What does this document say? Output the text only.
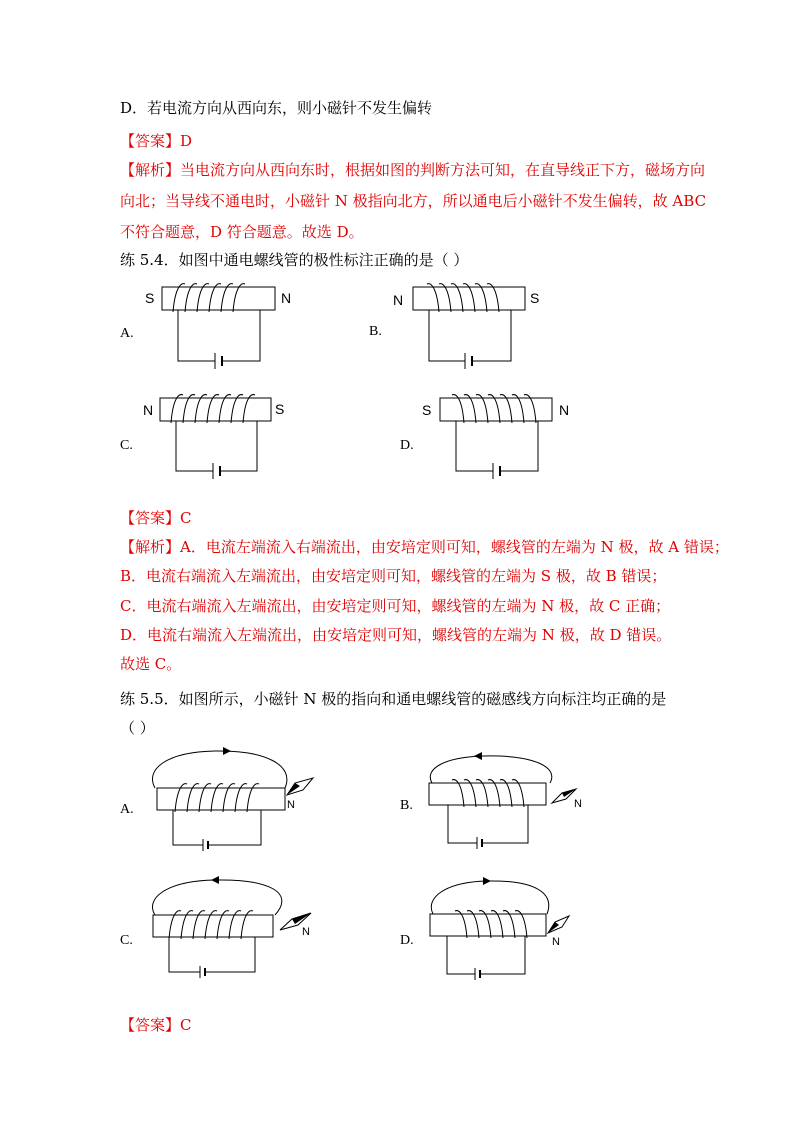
D．若电流方向从西向东，则小磁针不发生偏转
【答案】D
【解析】当电流方向从西向东时，根据如图的判断方法可知，在直导线正下方，磁场方向
向北；当导线不通电时，小磁针 N 极指向北方，所以通电后小磁针不发生偏转，故 ABC
不符合题意，D 符合题意。故选 D。
练 5.4．如图中通电螺线管的极性标注正确的是（ ）
A.
S	N
B.
N	S
C.
N	S
D.
S	N
【答案】C
【解析】A．电流左端流入右端流出，由安培定则可知，螺线管的左端为 N 极，故 A 错误；
B．电流右端流入左端流出，由安培定则可知，螺线管的左端为 S 极，故 B 错误；
C．电流右端流入左端流出，由安培定则可知，螺线管的左端为 N 极，故 C 正确；
D．电流右端流入左端流出，由安培定则可知，螺线管的左端为 N 极，故 D 错误。
故选 C。
练 5.5．如图所示，小磁针 N 极的指向和通电螺线管的磁感线方向标注均正确的是
（ ）
A.	N	B.	N
C.
N
D.	N
【答案】C
